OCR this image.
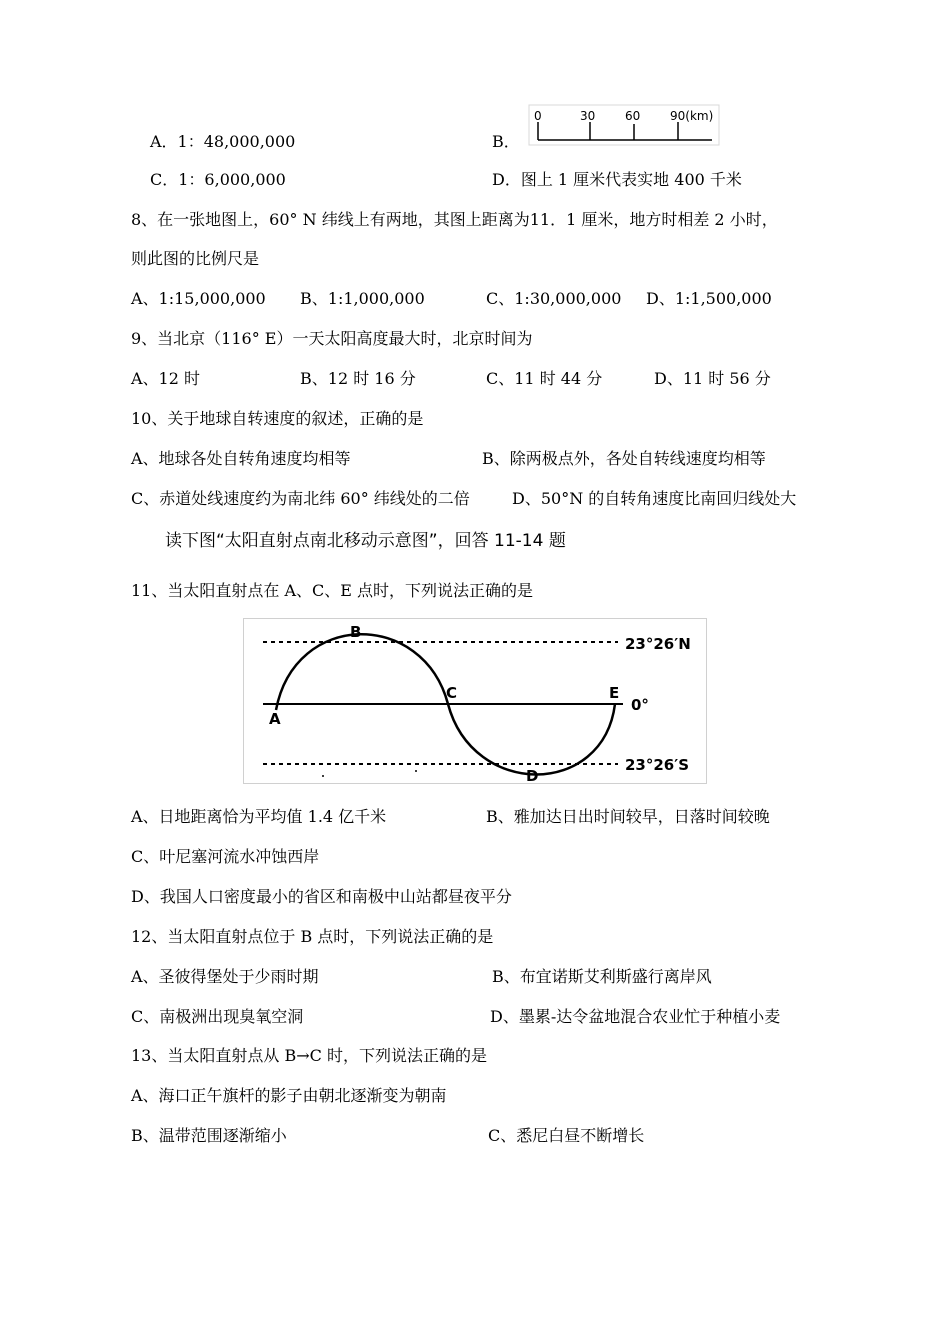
A．1：48,000,000	B．
0	30 60 90(km)
C．1：6,000,000	D．图上 1 厘米代表实地 400 千米
8、在一张地图上，60° N 纬线上有两地，其图上距离为11．1 厘米，地方时相差 2 小时，
则此图的比例尺是
A、1:15,000,000 B、1:1,000,000	C、1:30,000,000 D、1:1,500,000
9、当北京（116° E）一天太阳高度最大时，北京时间为
A、12 时	B、12 时 16 分	C、11 时 44 分	D、11 时 56 分
10、关于地球自转速度的叙述，正确的是
A、地球各处自转角速度均相等	B、除两极点外，各处自转线速度均相等
C、赤道处线速度约为南北纬 60° 纬线处的二倍	D、50°N 的自转角速度比南回归线处大
读下图“太阳直射点南北移动示意图”，回答 11-14 题
11、当太阳直射点在 A、C、E 点时，下列说法正确的是
A
B
C
D
E
23°26′N
0°
23°26′S
A、日地距离恰为平均值 1.4 亿千米	B、雅加达日出时间较早，日落时间较晚
C、叶尼塞河流水冲蚀西岸
D、我国人口密度最小的省区和南极中山站都昼夜平分
12、当太阳直射点位于 B 点时，下列说法正确的是
A、圣彼得堡处于少雨时期	B、布宜诺斯艾利斯盛行离岸风
C、南极洲出现臭氧空洞	D、墨累-达令盆地混合农业忙于种植小麦
13、当太阳直射点从 B→C 时，下列说法正确的是
A、海口正午旗杆的影子由朝北逐渐变为朝南
B、温带范围逐渐缩小	C、悉尼白昼不断增长
